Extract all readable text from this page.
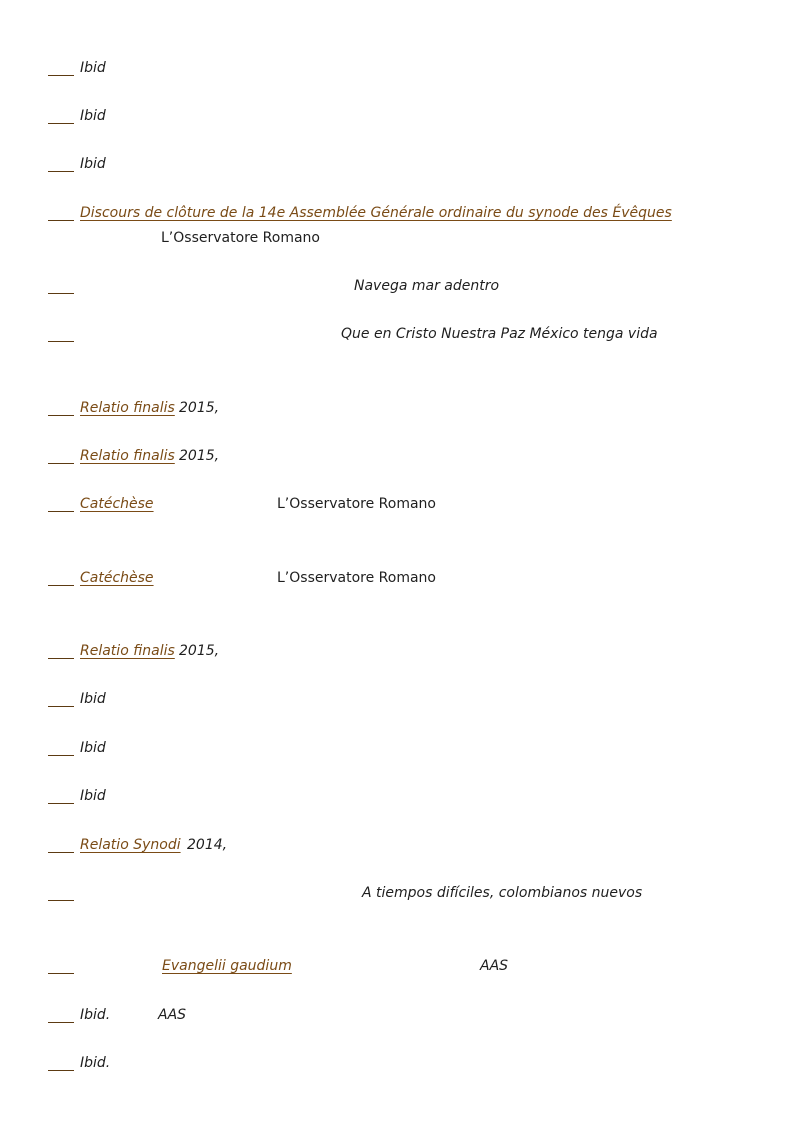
Ibid
Ibid
Ibid
Discours de clôture de la 14e Assemblée Générale ordinaire du synode des Évêques
L’Osservatore Romano
Navega mar adentro
Que en Cristo Nuestra Paz México tenga vida
Relatio finalis 2015,
Relatio finalis 2015,
Catéchèse	L’Osservatore Romano
Catéchèse	L’Osservatore Romano
Relatio finalis 2015,
Ibid
Ibid
Ibid
Relatio Synodi 2014,
A tiempos difíciles, colombianos nuevos
Evangelii gaudium	AAS
Ibid.	AAS
Ibid.
